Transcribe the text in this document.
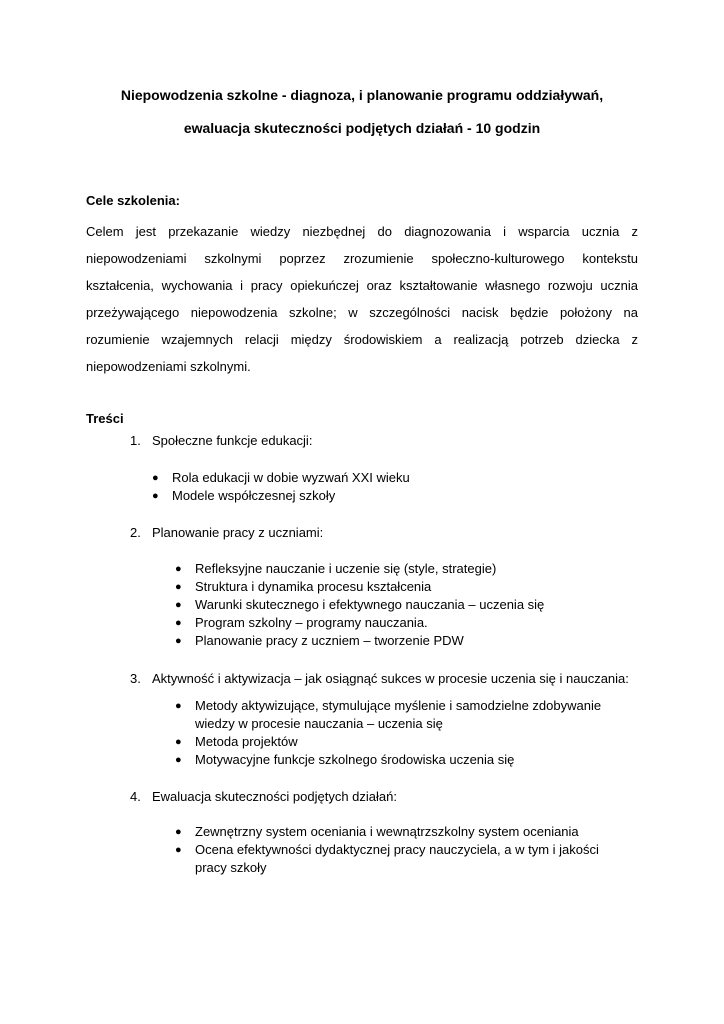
Niepowodzenia szkolne - diagnoza, i planowanie programu oddziaływań,
ewaluacja skuteczności podjętych działań - 10 godzin
Cele szkolenia:
Celem jest przekazanie wiedzy niezbędnej do diagnozowania i wsparcia ucznia z
niepowodzeniami szkolnymi poprzez zrozumienie społeczno-kulturowego kontekstu
kształcenia, wychowania i pracy opiekuńczej oraz kształtowanie własnego rozwoju ucznia
przeżywającego niepowodzenia szkolne; w szczególności nacisk będzie położony na
rozumienie wzajemnych relacji między środowiskiem a realizacją potrzeb dziecka z
niepowodzeniami szkolnymi.
Treści
1. Społeczne funkcje edukacji:
●	Rola edukacji w dobie wyzwań XXI wieku
●	Modele współczesnej szkoły
2. Planowanie pracy z uczniami:
●	Refleksyjne nauczanie i uczenie się (style, strategie)
●	Struktura i dynamika procesu kształcenia
●	Warunki skutecznego i efektywnego nauczania – uczenia się
●	Program szkolny – programy nauczania.
●	Planowanie pracy z uczniem – tworzenie PDW
3. Aktywność i aktywizacja – jak osiągnąć sukces w procesie uczenia się i nauczania:
●	Metody aktywizujące, stymulujące myślenie i samodzielne zdobywanie wiedzy w procesie nauczania – uczenia się
●	Metoda projektów
●	Motywacyjne funkcje szkolnego środowiska uczenia się
4. Ewaluacja skuteczności podjętych działań:
●	Zewnętrzny system oceniania i wewnątrzszkolny system oceniania
●	Ocena efektywności dydaktycznej pracy nauczyciela, a w tym i jakości pracy szkoły
